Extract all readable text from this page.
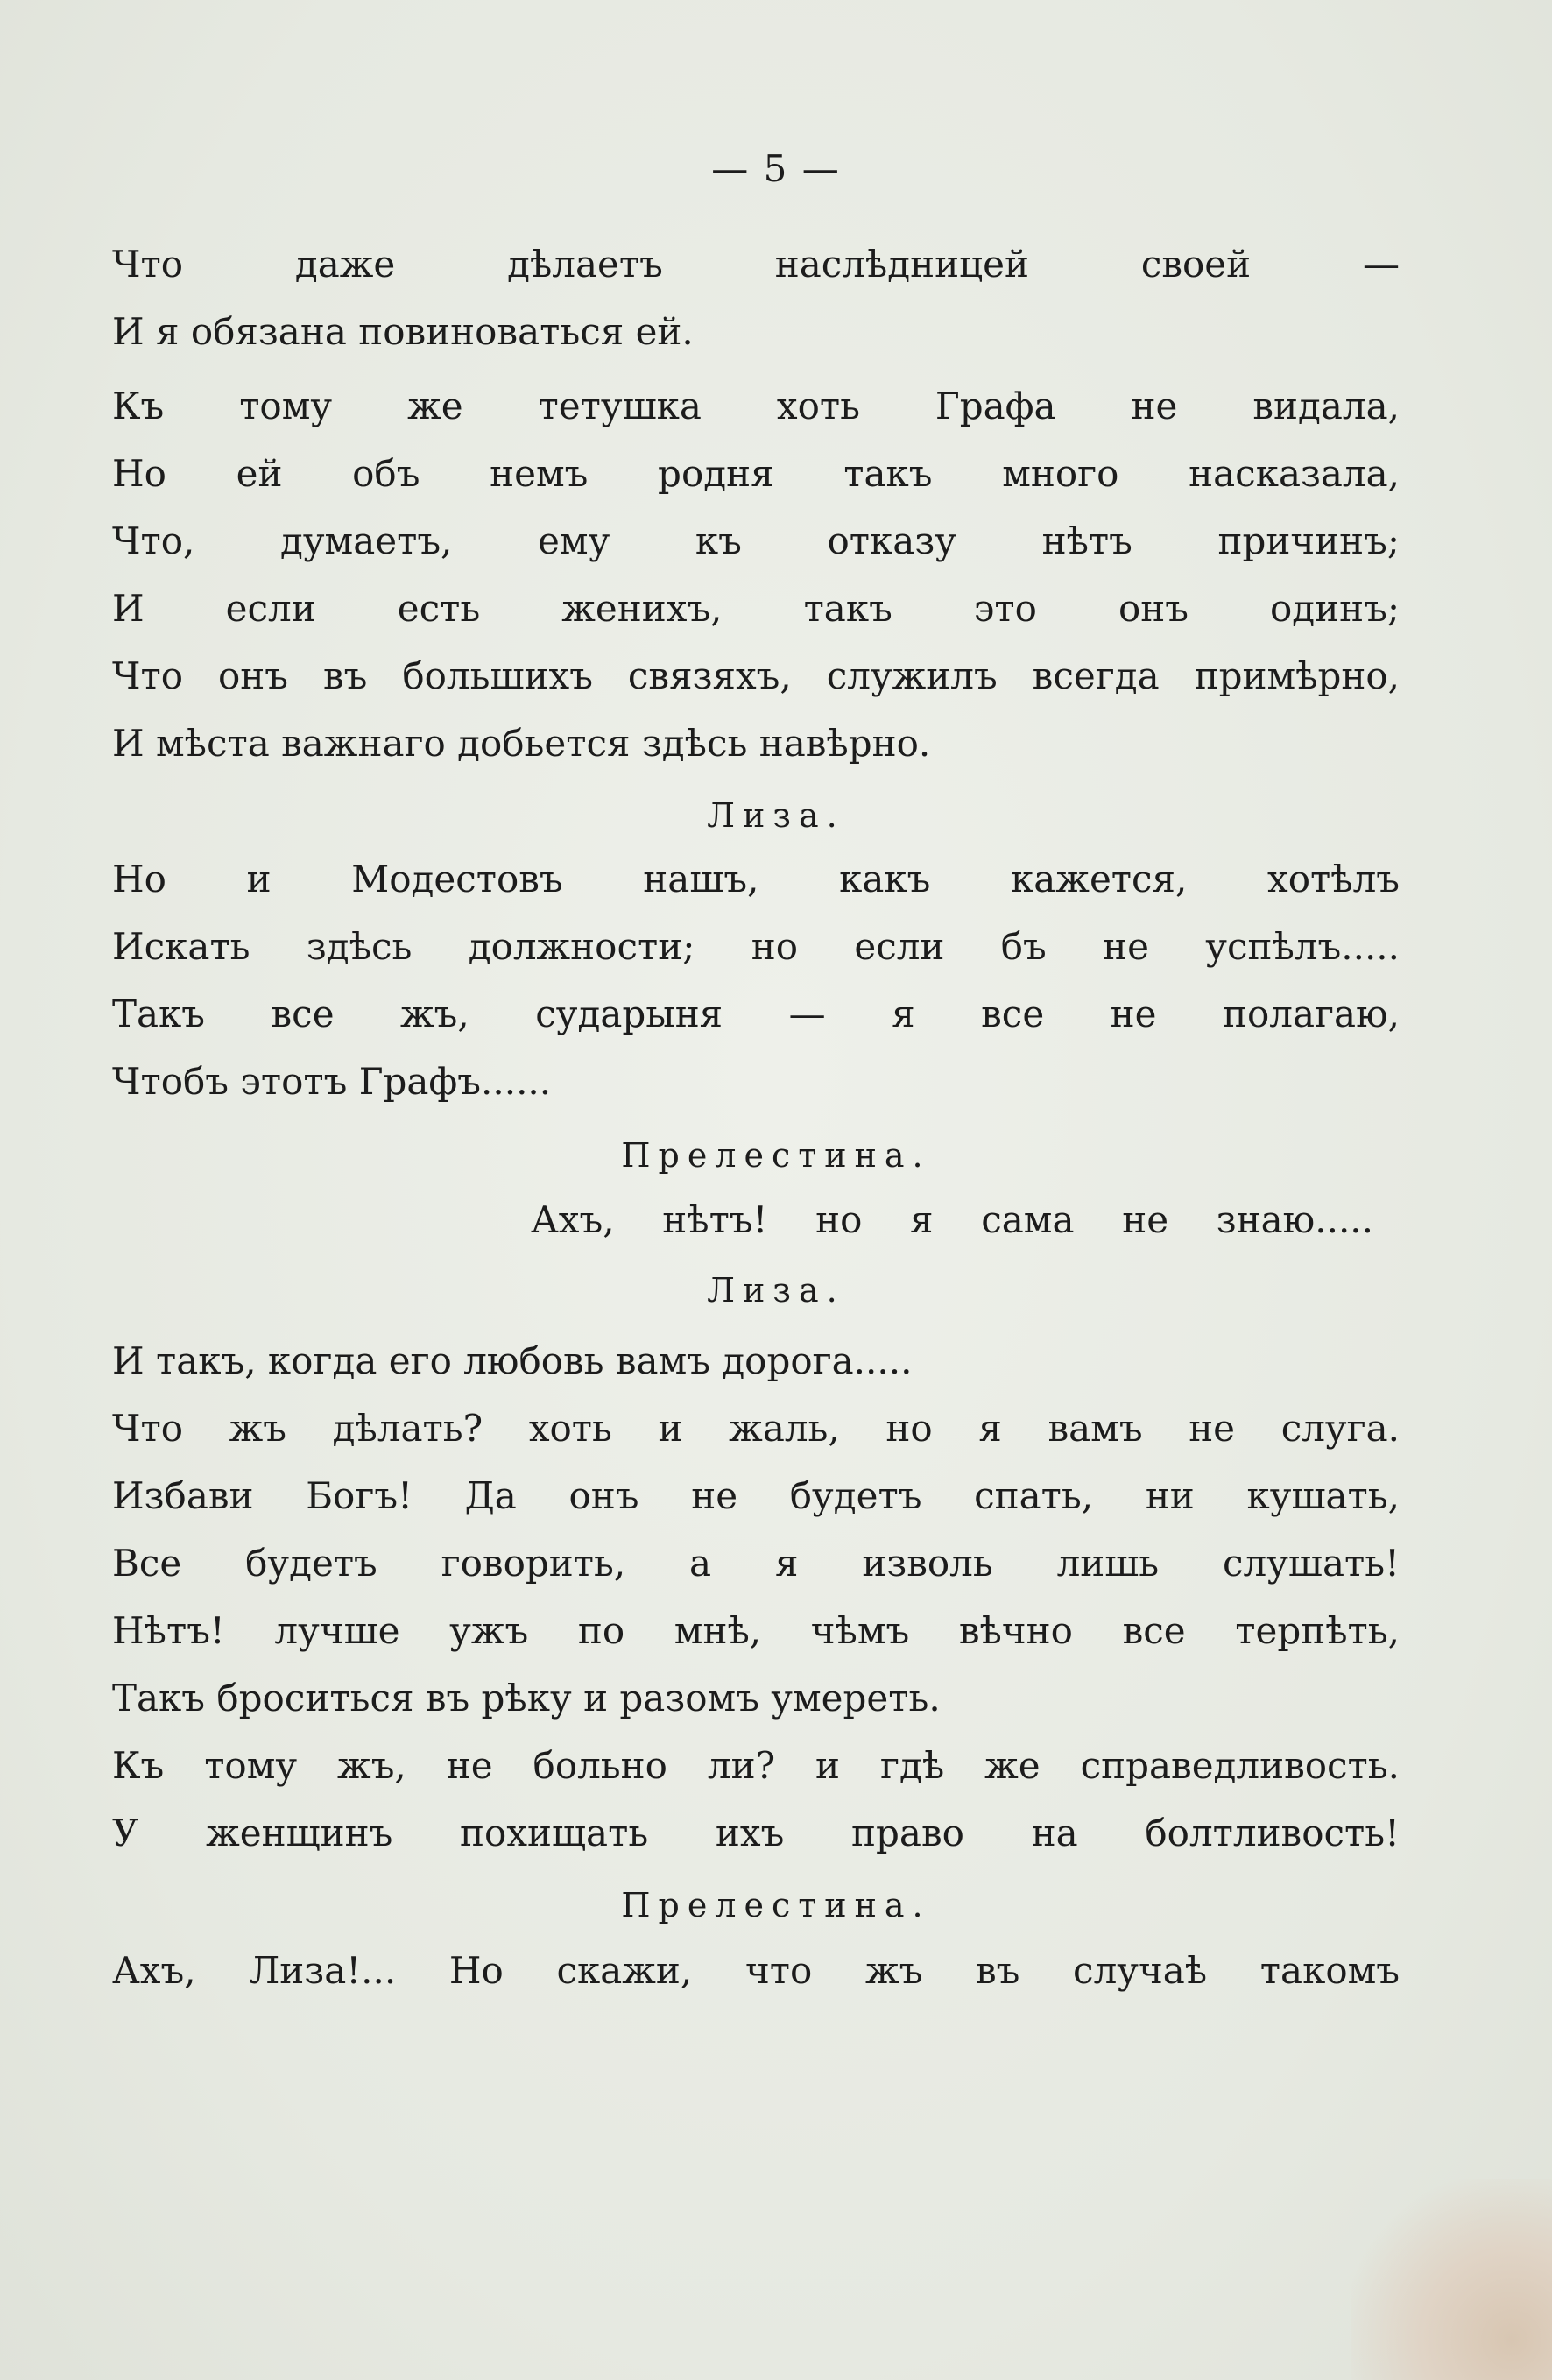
— 5 —
Что даже дѣлаетъ наслѣдницей своей —
И я обязана повиноваться ей.
Къ тому же тетушка хоть Графа не видала,
Но ей объ немъ родня такъ много насказала,
Что, думаетъ, ему къ отказу нѣтъ причинъ;
И если есть женихъ, такъ это онъ одинъ;
Что онъ въ большихъ связяхъ, служилъ всегда примѣрно,
И мѣста важнаго добьется здѣсь навѣрно.
Лиза.
Но и Модестовъ нашъ, какъ кажется, хотѣлъ
Искать здѣсь должности; но если бъ не успѣлъ.....
Такъ все жъ, сударыня — я все не полагаю,
Чтобъ этотъ Графъ......
Прелестина.
Ахъ, нѣтъ! но я сама не знаю.....
Лиза.
И такъ, когда его любовь вамъ дорога.....
Что жъ дѣлать? хоть и жаль, но я вамъ не слуга.
Избави Богъ! Да онъ не будетъ спать, ни кушать,
Все будетъ говорить, а я изволь лишь слушать!
Нѣтъ! лучше ужъ по мнѣ, чѣмъ вѣчно все терпѣть,
Такъ броситься въ рѣку и разомъ умереть.
Къ тому жъ, не больно ли? и гдѣ же справедливость.
У женщинъ похищать ихъ право на болтливость!
Прелестина.
Ахъ, Лиза!... Но скажи, что жъ въ случаѣ такомъ
